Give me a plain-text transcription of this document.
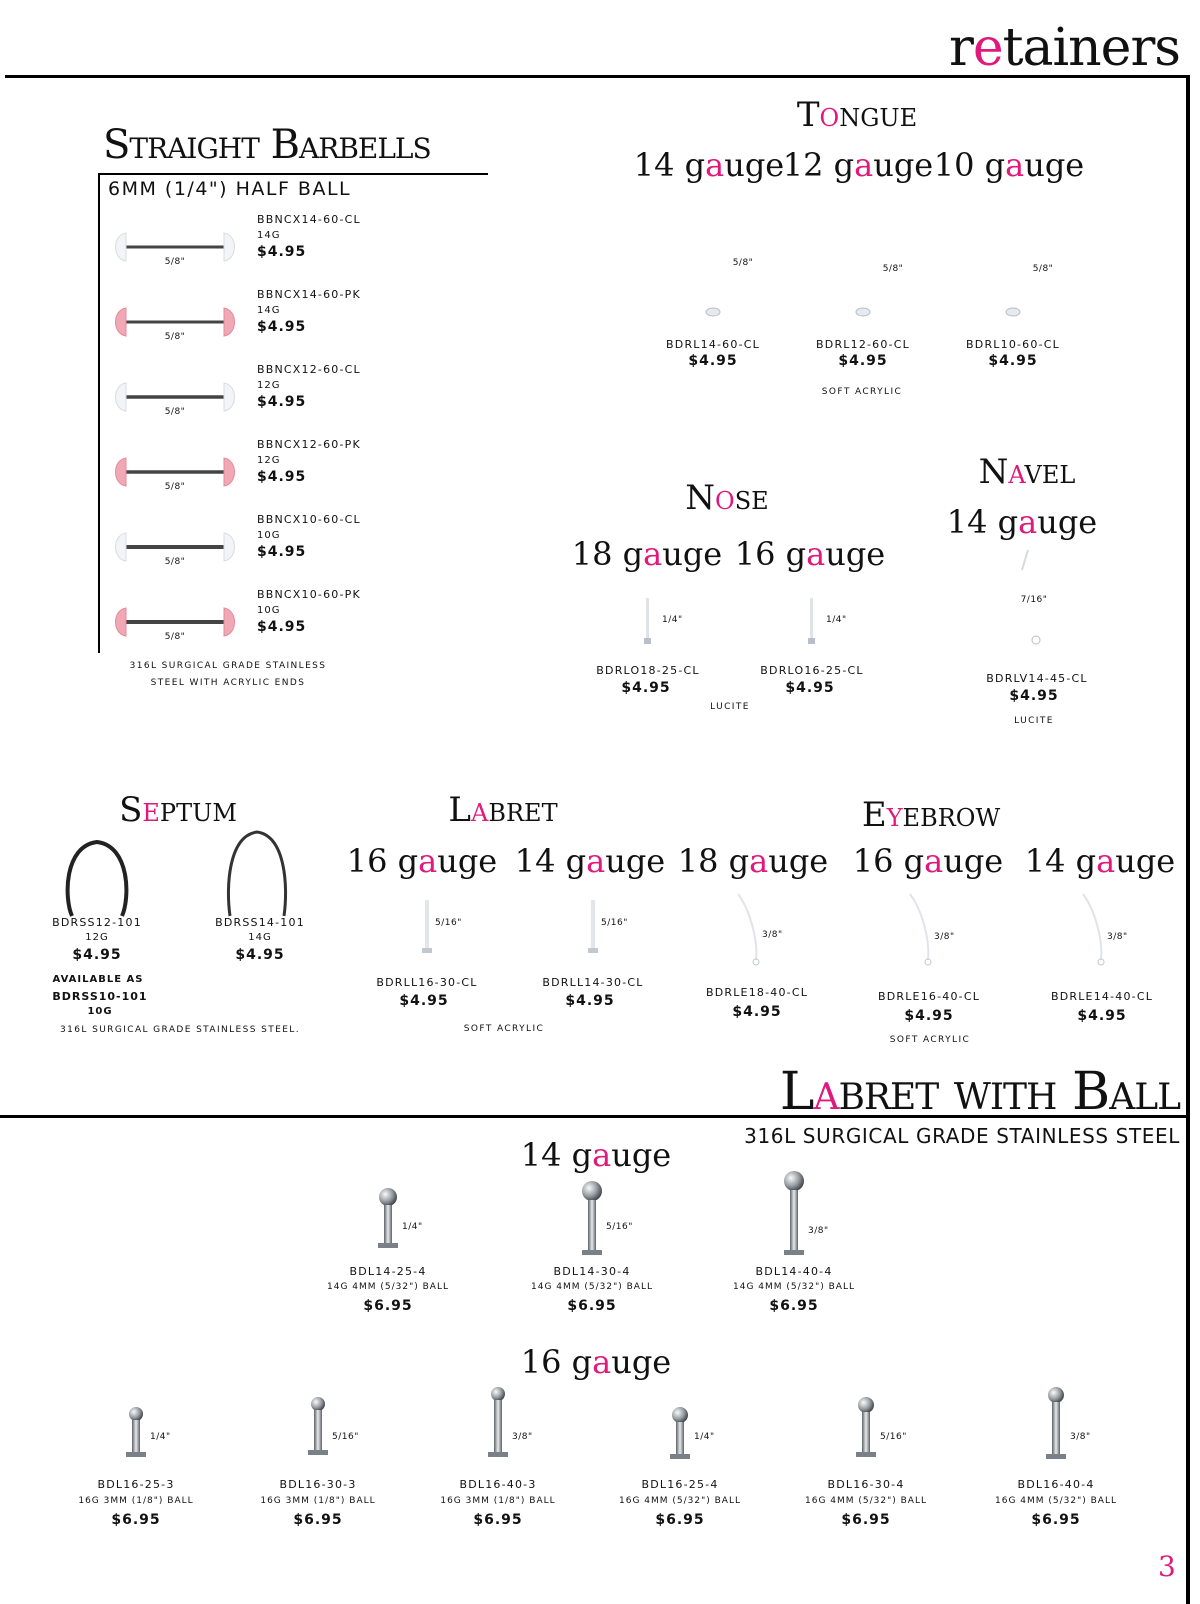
retainers
Straight Barbells
6MM (1/4") HALF BALL
5/8"
BBNCX14-60-CL
14G
$4.95
5/8"
BBNCX14-60-PK
14G
$4.95
5/8"
BBNCX12-60-CL
12G
$4.95
5/8"
BBNCX12-60-PK
12G
$4.95
5/8"
BBNCX10-60-CL
10G
$4.95
5/8"
BBNCX10-60-PK
10G
$4.95
316L SURGICAL GRADE STAINLESS
STEEL WITH ACRYLIC ENDS
Tongue
14 gauge
12 gauge 10 gauge
5/8"
BDRL14-60-CL
$4.95
5/8"
BDRL12-60-CL
$4.95
5/8"
BDRL10-60-CL
$4.95
SOFT ACRYLIC
Nose
18 gauge 16 gauge
1/4"
BDRLO18-25-CL
$4.95
1/4"
BDRLO16-25-CL
$4.95
LUCITE
Navel
14 gauge
7/16"
BDRLV14-45-CL
$4.95
LUCITE
Septum
BDRSS12-101
12G
$4.95
BDRSS14-101
14G
$4.95
AVAILABLE AS
BDRSS10-101
10G
316L SURGICAL GRADE STAINLESS STEEL.
Labret
16 gauge 14 gauge
5/16"
BDRLL16-30-CL
$4.95
5/16"
BDRLL14-30-CL
$4.95
SOFT ACRYLIC
Eyebrow
18 gauge 16 gauge 14 gauge
3/8"
BDRLE18-40-CL
$4.95
3/8"
BDRLE16-40-CL
$4.95
3/8"
BDRLE14-40-CL
$4.95
SOFT ACRYLIC
Labret with Ball
316L SURGICAL GRADE STAINLESS STEEL
14 gauge
16 gauge
1/4"
BDL14-25-4
14G 4MM (5/32") BALL
$6.95
5/16"
BDL14-30-4
14G 4MM (5/32") BALL
$6.95
3/8"
BDL14-40-4
14G 4MM (5/32") BALL
$6.95
1/4"
BDL16-25-3
16G 3MM (1/8") BALL
$6.95
5/16"
BDL16-30-3
16G 3MM (1/8") BALL
$6.95
3/8"
BDL16-40-3
16G 3MM (1/8") BALL
$6.95
1/4"
BDL16-25-4
16G 4MM (5/32") BALL
$6.95
5/16"
BDL16-30-4
16G 4MM (5/32") BALL
$6.95
3/8"
BDL16-40-4
16G 4MM (5/32") BALL
$6.95
3
